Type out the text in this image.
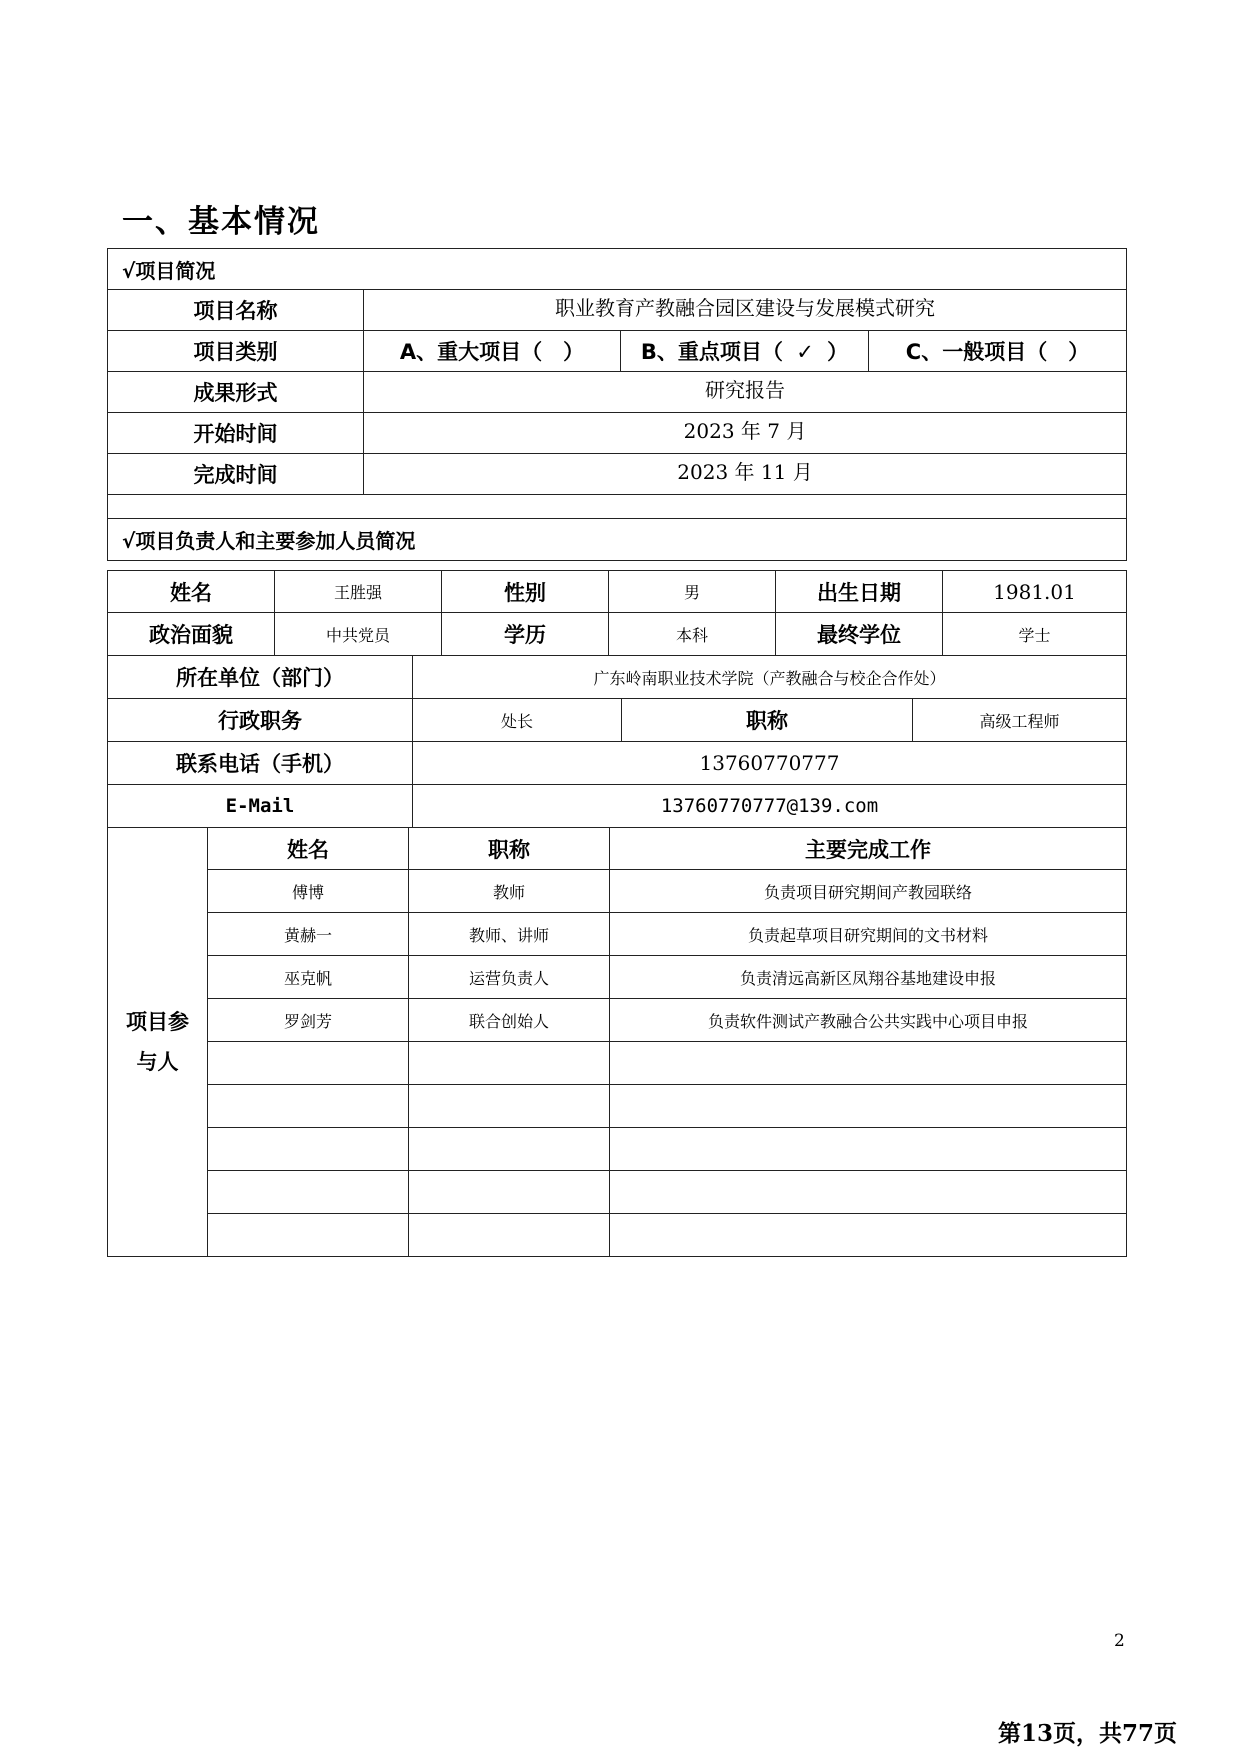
一、基本情况
√项目简况			
项目名称	职业教育产教融合园区建设与发展模式研究		
项目类别	A、重大项目（　）	B、重点项目（ ✓ ）	C、一般项目（　）
成果形式	研究报告		
开始时间	2023 年 7 月		
完成时间	2023 年 11 月		

√项目负责人和主要参加人员简况			
姓名	王胜强	性别	男	出生日期	1981.01
政治面貌	中共党员	学历	本科	最终学位	学士
所在单位（部门）	广东岭南职业技术学院（产教融合与校企合作处）		
行政职务	处长	职称	高级工程师
联系电话（手机）	13760770777		
E-Mail	13760770777@139.com		
项目参
与人	姓名	职称	主要完成工作
	傅博	教师	负责项目研究期间产教园联络
	黄赫一	教师、讲师	负责起草项目研究期间的文书材料
	巫克帆	运营负责人	负责清远高新区凤翔谷基地建设申报
	罗剑芳	联合创始人	负责软件测试产教融合公共实践中心项目申报

2
第13页，共77页
